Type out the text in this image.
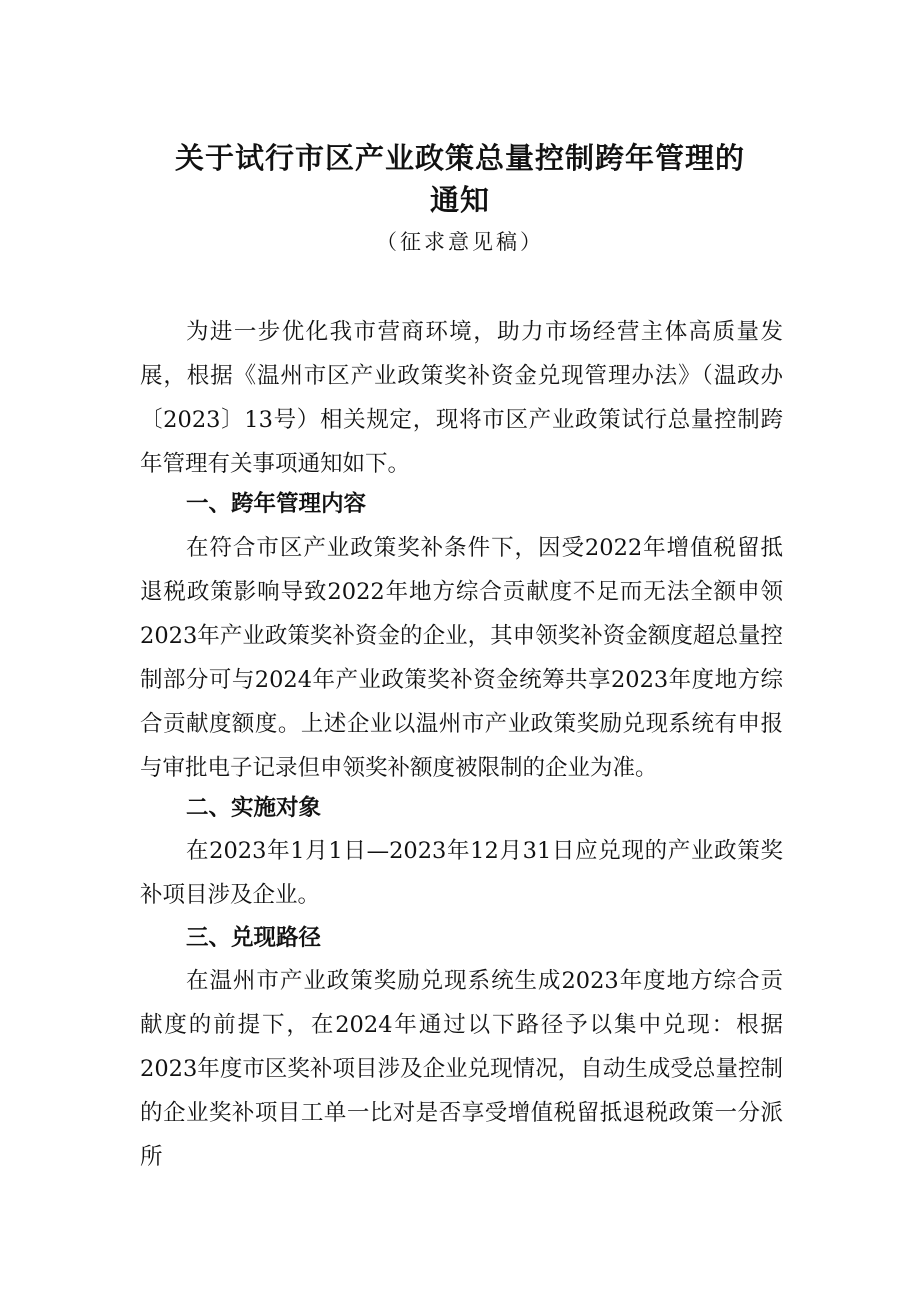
关于试行市区产业政策总量控制跨年管理的
通知
（征求意见稿）

为进一步优化我市营商环境，助力市场经营主体高质量发展，根据《温州市区产业政策奖补资金兑现管理办法》（温政办〔2023〕13号）相关规定，现将市区产业政策试行总量控制跨年管理有关事项通知如下。

一、跨年管理内容

在符合市区产业政策奖补条件下，因受2022年增值税留抵退税政策影响导致2022年地方综合贡献度不足而无法全额申领2023年产业政策奖补资金的企业，其申领奖补资金额度超总量控制部分可与2024年产业政策奖补资金统筹共享2023年度地方综合贡献度额度。上述企业以温州市产业政策奖励兑现系统有申报与审批电子记录但申领奖补额度被限制的企业为准。

二、实施对象

在2023年1月1日—2023年12月31日应兑现的产业政策奖补项目涉及企业。

三、兑现路径

在温州市产业政策奖励兑现系统生成2023年度地方综合贡献度的前提下，在2024年通过以下路径予以集中兑现：根据2023年度市区奖补项目涉及企业兑现情况，自动生成受总量控制的企业奖补项目工单一比对是否享受增值税留抵退税政策一分派所
